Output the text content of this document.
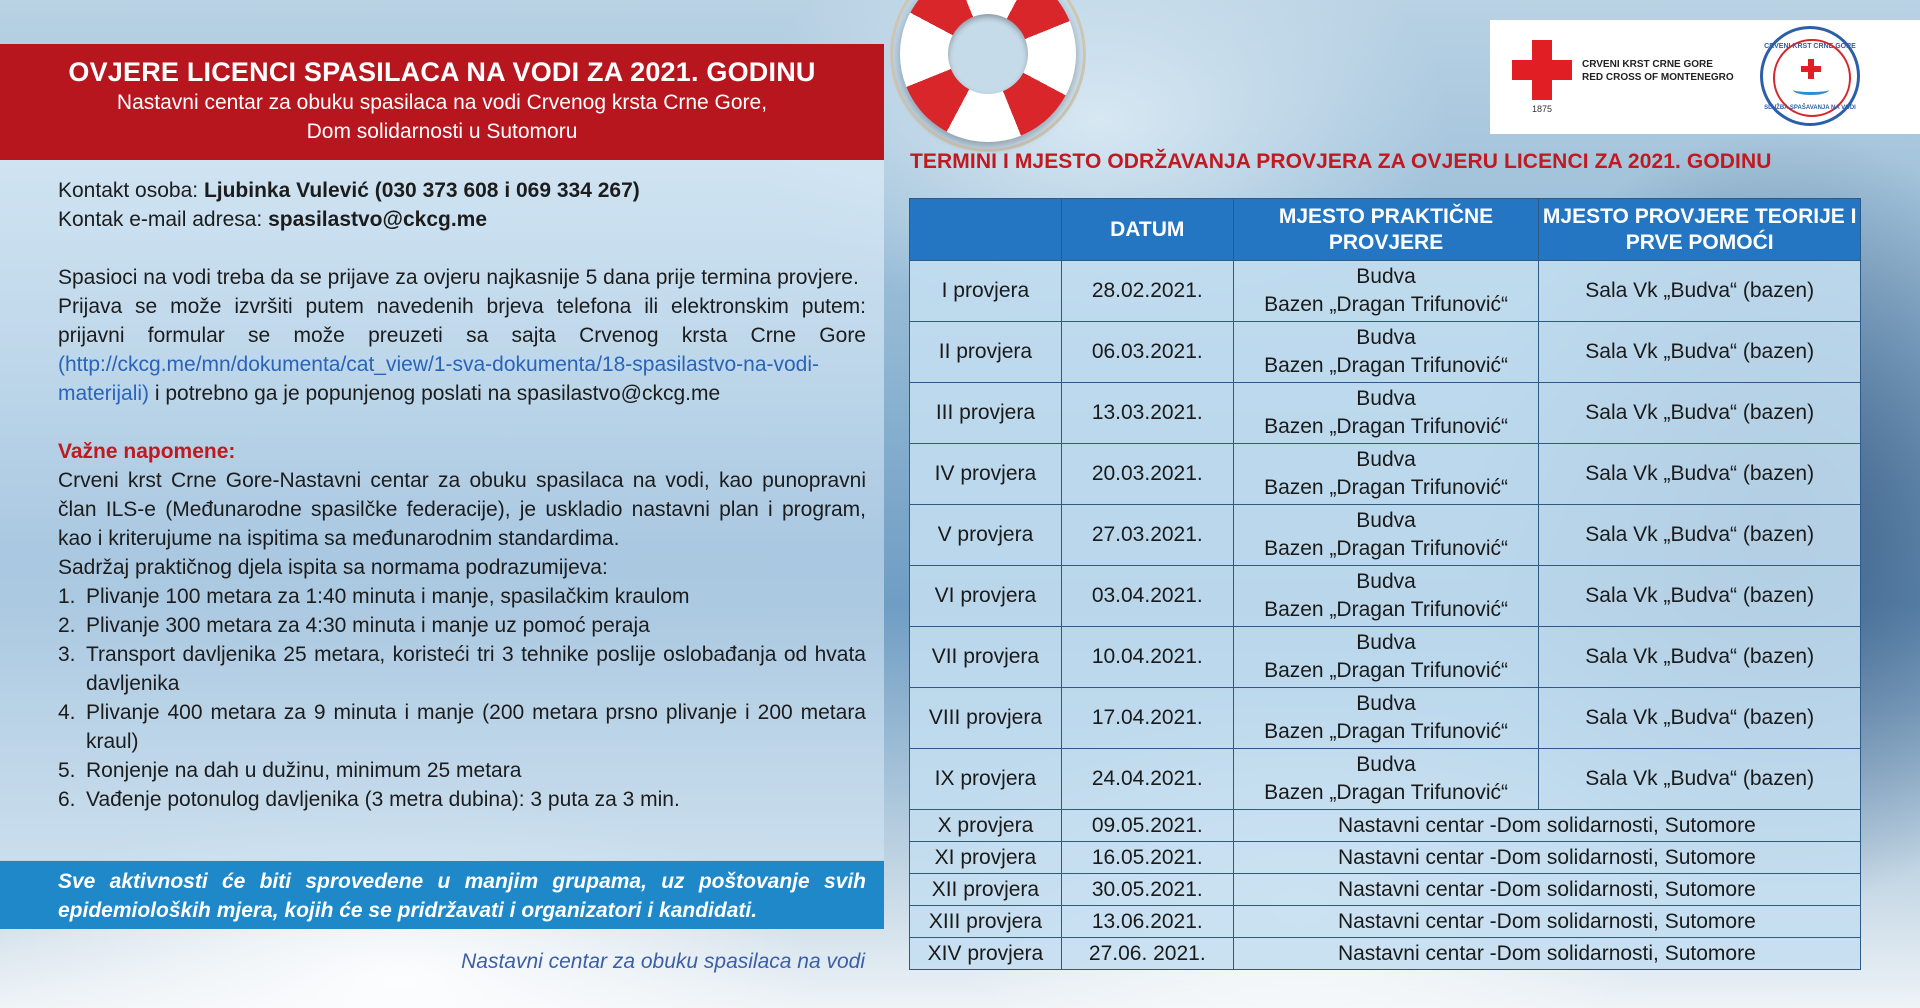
1875
CRVENI KRST CRNE GORE
RED CROSS OF MONTENEGRO
CRVENI KRST CRNE GORE
SLUŽBA SPAŠAVANJA NA VODI
OVJERE LICENCI SPASILACA NA VODI ZA 2021. GODINU

Nastavni centar za obuku spasilaca na vodi Crvenog krsta Crne Gore,

Dom solidarnosti u Sutomoru

Kontakt osoba: Ljubinka Vulević (030 373 608 i 069 334 267)
Kontak e-mail adresa: spasilastvo@ckcg.me
Spasioci na vodi treba da se prijave za ovjeru najkasnije 5 dana prije termina provjere.
Prijava se može izvršiti putem navedenih brjeva telefona ili elektronskim putem: prijavni formular se može preuzeti sa sajta Crvenog krsta Crne Gore (http://ckcg.me/mn/dokumenta/cat_view/1-sva-dokumenta/18-spasilastvo-na-vodi-materijali) i potrebno ga je popunjenog poslati na spasilastvo@ckcg.me
Važne napomene:
Crveni krst Crne Gore-Nastavni centar za obuku spasilaca na vodi, kao punopravni član ILS-e (Međunarodne spasilčke federacije), je uskladio nastavni plan i program, kao i kriterujume na ispitima sa međunarodnim standardima.
Sadržaj praktičnog djela ispita sa normama podrazumijeva:
1. Plivanje 100 metara za 1:40 minuta i manje, spasilačkim kraulom
2. Plivanje 300 metara za 4:30 minuta i manje uz pomoć peraja
3. Transport davljenika 25 metara, koristeći tri 3 tehnike poslije oslobađanja od hvata davljenika
4. Plivanje 400 metara za 9 minuta i manje (200 metara prsno plivanje i 200 metara kraul)
5. Ronjenje na dah u dužinu, minimum 25 metara
6. Vađenje potonulog davljenika (3 metra dubina): 3 puta za 3 min.
Sve aktivnosti će biti sprovedene u manjim grupama, uz poštovanje svih epidemioloških mjera, kojih će se pridržavati i organizatori i kandidati.
Nastavni centar za obuku spasilaca na vodi
TERMINI I MJESTO ODRŽAVANJA PROVJERA ZA OVJERU LICENCI ZA 2021. GODINU
	DATUM	MJESTO PRAKTIČNE PROVJERE	MJESTO PROVJERE TEORIJE I PRVE POMOĆI
I provjera	28.02.2021.	Budva
Bazen „Dragan Trifunović“	Sala Vk „Budva“ (bazen)
II provjera	06.03.2021.	Budva
Bazen „Dragan Trifunović“	Sala Vk „Budva“ (bazen)
III provjera	13.03.2021.	Budva
Bazen „Dragan Trifunović“	Sala Vk „Budva“ (bazen)
IV provjera	20.03.2021.	Budva
Bazen „Dragan Trifunović“	Sala Vk „Budva“ (bazen)
V provjera	27.03.2021.	Budva
Bazen „Dragan Trifunović“	Sala Vk „Budva“ (bazen)
VI provjera	03.04.2021.	Budva
Bazen „Dragan Trifunović“	Sala Vk „Budva“ (bazen)
VII provjera	10.04.2021.	Budva
Bazen „Dragan Trifunović“	Sala Vk „Budva“ (bazen)
VIII provjera	17.04.2021.	Budva
Bazen „Dragan Trifunović“	Sala Vk „Budva“ (bazen)
IX provjera	24.04.2021.	Budva
Bazen „Dragan Trifunović“	Sala Vk „Budva“ (bazen)
X provjera	09.05.2021.	Nastavni centar -Dom solidarnosti, Sutomore	
XI provjera	16.05.2021.	Nastavni centar -Dom solidarnosti, Sutomore	
XII provjera	30.05.2021.	Nastavni centar -Dom solidarnosti, Sutomore	
XIII provjera	13.06.2021.	Nastavni centar -Dom solidarnosti, Sutomore	
XIV provjera	27.06. 2021.	Nastavni centar -Dom solidarnosti, Sutomore	
